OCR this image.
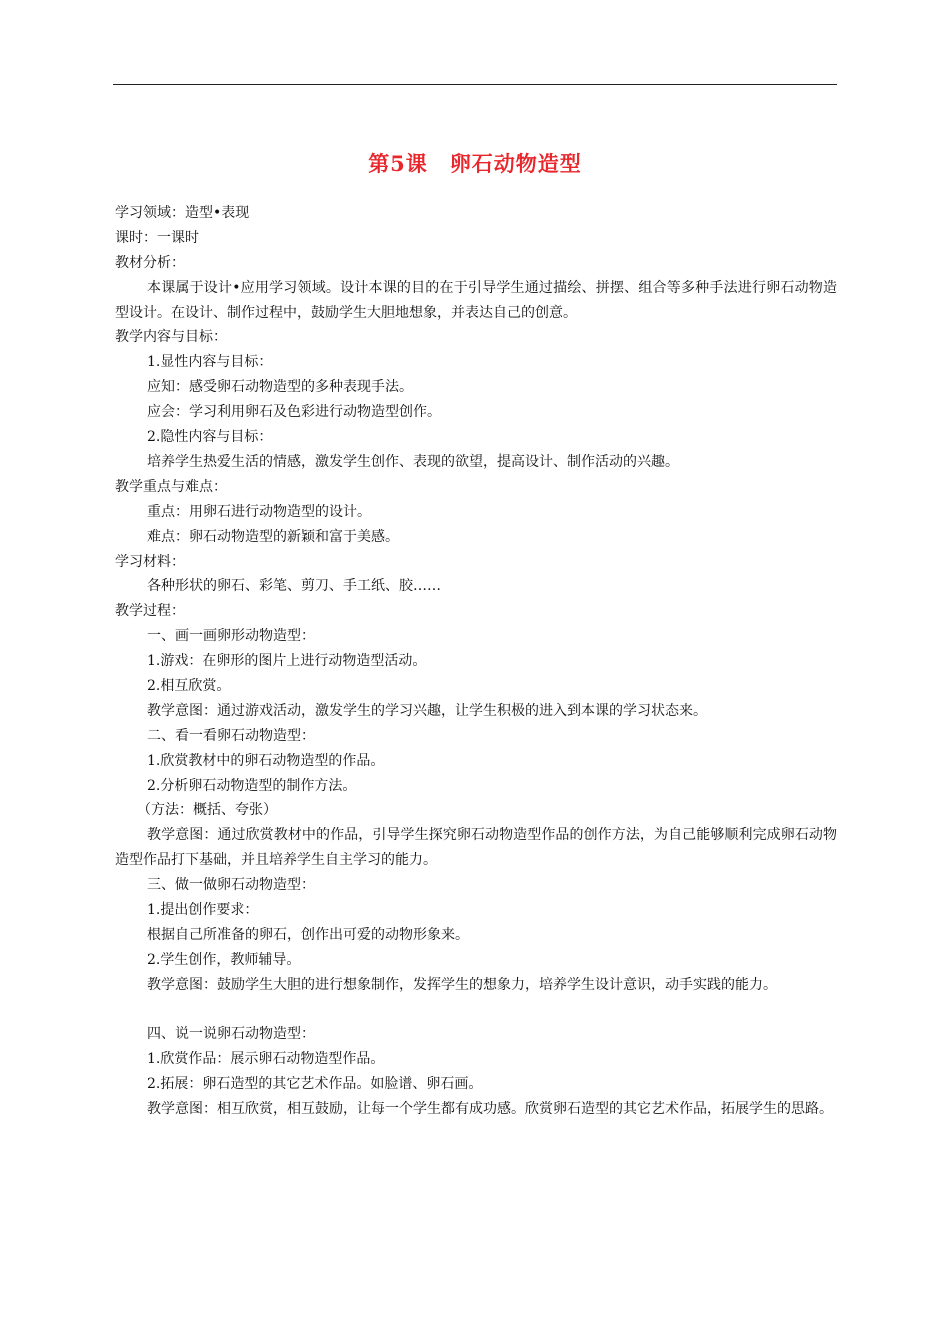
第5课 卵石动物造型
学习领域：造型•表现
课时：一课时
教材分析：
本课属于设计•应用学习领域。设计本课的目的在于引导学生通过描绘、拼摆、组合等多种手法进行卵石动物造型设计。在设计、制作过程中，鼓励学生大胆地想象，并表达自己的创意。
教学内容与目标：
1.显性内容与目标：
应知：感受卵石动物造型的多种表现手法。
应会：学习利用卵石及色彩进行动物造型创作。
2.隐性内容与目标：
培养学生热爱生活的情感，激发学生创作、表现的欲望，提高设计、制作活动的兴趣。
教学重点与难点：
重点：用卵石进行动物造型的设计。
难点：卵石动物造型的新颖和富于美感。
学习材料：
各种形状的卵石、彩笔、剪刀、手工纸、胶……
教学过程：
一、画一画卵形动物造型：
1.游戏：在卵形的图片上进行动物造型活动。
2.相互欣赏。
教学意图：通过游戏活动，激发学生的学习兴趣，让学生积极的进入到本课的学习状态来。
二、看一看卵石动物造型：
1.欣赏教材中的卵石动物造型的作品。
2.分析卵石动物造型的制作方法。
（方法：概括、夸张）
教学意图：通过欣赏教材中的作品，引导学生探究卵石动物造型作品的创作方法，为自己能够顺利完成卵石动物造型作品打下基础，并且培养学生自主学习的能力。
三、做一做卵石动物造型：
1.提出创作要求：
根据自己所准备的卵石，创作出可爱的动物形象来。
2.学生创作，教师辅导。
教学意图：鼓励学生大胆的进行想象制作，发挥学生的想象力，培养学生设计意识，动手实践的能力。
四、说一说卵石动物造型：
1.欣赏作品：展示卵石动物造型作品。
2.拓展：卵石造型的其它艺术作品。如脸谱、卵石画。
教学意图：相互欣赏，相互鼓励，让每一个学生都有成功感。欣赏卵石造型的其它艺术作品，拓展学生的思路。
